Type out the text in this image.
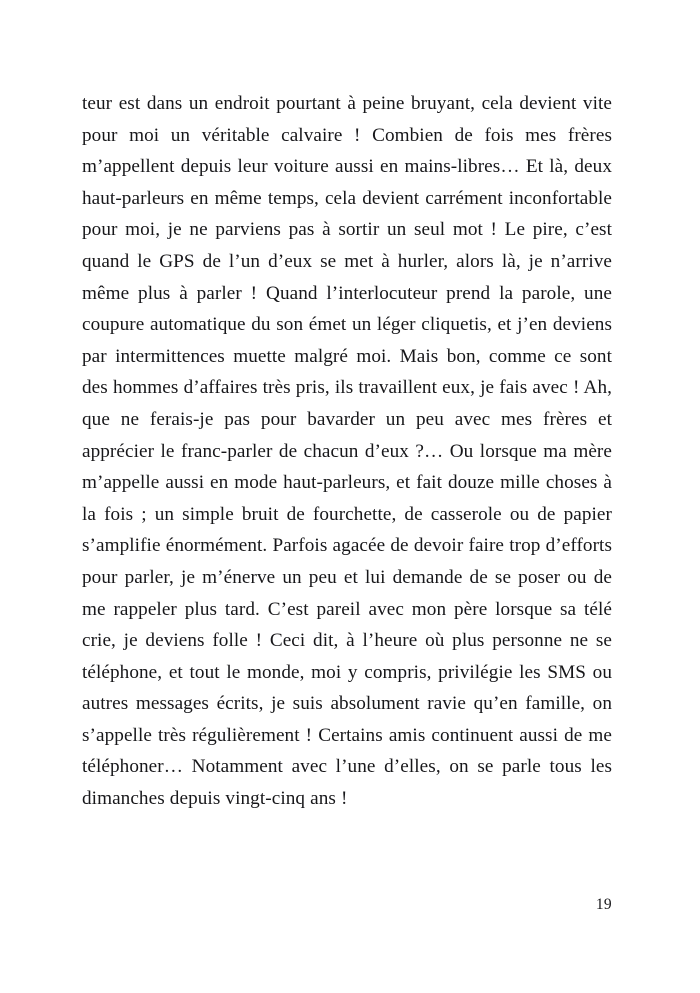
teur est dans un endroit pourtant à peine bruyant, cela devient vite pour moi un véritable calvaire ! Combien de fois mes frères m’appellent depuis leur voiture aussi en mains-libres… Et là, deux haut-parleurs en même temps, cela devient carrément inconfortable pour moi, je ne parviens pas à sortir un seul mot ! Le pire, c’est quand le GPS de l’un d’eux se met à hurler, alors là, je n’arrive même plus à parler ! Quand l’interlocuteur prend la parole, une coupure automatique du son émet un léger cliquetis, et j’en deviens par intermittences muette malgré moi. Mais bon, comme ce sont des hommes d’affaires très pris, ils travaillent eux, je fais avec ! Ah, que ne ferais-je pas pour bavarder un peu avec mes frères et apprécier le franc-parler de chacun d’eux ?… Ou lorsque ma mère m’appelle aussi en mode haut-parleurs, et fait douze mille choses à la fois ; un simple bruit de fourchette, de casserole ou de papier s’amplifie énormément. Parfois agacée de devoir faire trop d’efforts pour parler, je m’énerve un peu et lui demande de se poser ou de me rappeler plus tard. C’est pareil avec mon père lorsque sa télé crie, je deviens folle ! Ceci dit, à l’heure où plus personne ne se téléphone, et tout le monde, moi y compris, privilégie les SMS ou autres messages écrits, je suis absolument ravie qu’en famille, on s’appelle très régulièrement ! Certains amis continuent aussi de me téléphoner… Notamment avec l’une d’elles, on se parle tous les dimanches depuis vingt-cinq ans !

19
